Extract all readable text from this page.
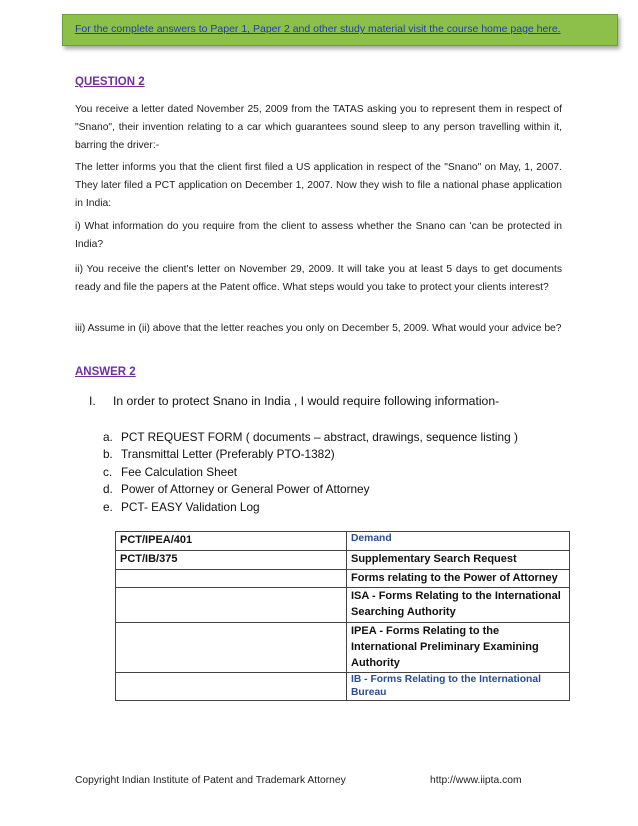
For the complete answers to Paper 1, Paper 2 and other study material visit the course home page here.
QUESTION 2
You receive a letter dated November 25, 2009 from the TATAS asking you to represent them in respect of "Snano", their invention relating to a car which guarantees sound sleep to any person travelling within it, barring the driver:-
The letter informs you that the client first filed a US application in respect of the "Snano" on May, 1, 2007. They later filed a PCT application on December 1, 2007. Now they wish to file a national phase application in India:
i) What information do you require from the client to assess whether the Snano can 'can be protected in India?
ii) You receive the client's letter on November 29, 2009. It will take you at least 5 days to get documents ready and file the papers at the Patent office. What steps would you take to protect your clients interest?
iii) Assume in (ii) above that the letter reaches you only on December 5, 2009. What would your advice be?
ANSWER 2
I. In order to protect Snano in India , I would require following information-
a. PCT REQUEST FORM ( documents – abstract, drawings, sequence listing )
b. Transmittal Letter (Preferably PTO-1382)
c. Fee Calculation Sheet
d. Power of Attorney or General Power of Attorney
e. PCT- EASY Validation Log
PCT/IPEA/401	Demand
PCT/IB/375	Supplementary Search Request
	Forms relating to the Power of Attorney
	ISA - Forms Relating to the International Searching Authority
	IPEA - Forms Relating to the International Preliminary Examining Authority
	IB - Forms Relating to the International Bureau
Copyright Indian Institute of Patent and Trademark Attorney	http://www.iipta.com
